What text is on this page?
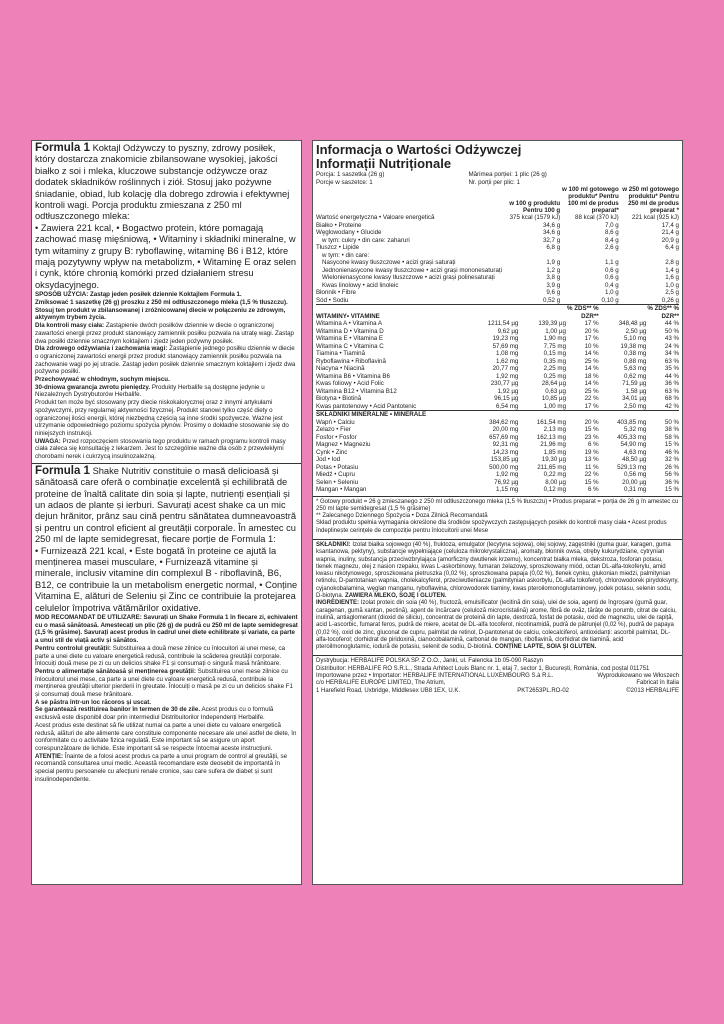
Formula 1 Koktajl Odżywczy to pyszny, zdrowy posiłek, który dostarcza znakomicie zbilansowane wysokiej, jakości białko z soi i mleka, kluczowe substancje odżywcze oraz dodatek składników roślinnych i ziół. Stosuj jako pożywne śniadanie, obiad, lub kolację dla dobrego zdrowia i efektywnej kontroli wagi. Porcja produktu zmieszana z 250 ml odtłuszczonego mleka:

• Zawiera 221 kcal, • Bogactwo protein, które pomagają zachować masę mięśniową, • Witaminy i składniki mineralne, w tym witaminy z grupy B: ryboflawinę, witaminę B6 i B12, które mają pozytywny wpływ na metabolizm, • Witaminę E oraz selen i cynk, które chronią komórki przed działaniem stresu oksydacyjnego.

SPOSÓB UŻYCIA: Zastąp jeden posiłek dziennie Koktajlem Formuła 1.

Zmiksować 1 saszetkę (26 g) proszku z 250 ml odtłuszczonego mleka (1,5 % tłuszczu). Stosuj ten produkt w zbilansowanej i zróżnicowanej diecie w połączeniu ze zdrowym, aktywnym trybem życia.

Dla kontroli masy ciała: Zastąpienie dwóch posiłków dziennie w diecie o ograniczonej zawartości energii przez produkt stanowiący zamiennik posiłku pozwala na utratę wagi. Zastąp dwa posiłki dziennie smacznym koktajlem i zjedz jeden pożywny posiłek.

Dla zdrowego odżywiania i zachowania wagi: Zastąpienie jednego posiłku dziennie w diecie o ograniczonej zawartości energii przez produkt stanowiący zamiennik posiłku pozwala na zachowanie wagi po jej utracie. Zastąp jeden posiłek dziennie smacznym koktajlem i zjedz dwa pożywne posiłki.

Przechowywać w chłodnym, suchym miejscu.

30-dniowa gwarancja zwrotu pieniędzy. Produkty Herbalife są dostępne jedynie u Niezależnych Dystrybutorów Herbalife.

Produkt ten może być stosowany przy diecie niskokalorycznej oraz z innymi artykułami spożywczymi, przy regularnej aktywności fizycznej. Produkt stanowi tylko część diety o ograniczonej ilości energii, której niezbędną częścią są inne środki spożywcze. Ważne jest utrzymanie odpowiedniego poziomu spożycia płynów. Prosimy o dokładne stosowanie się do niniejszych instrukcji.

UWAGA: Przed rozpoczęciem stosowania tego produktu w ramach programu kontroli masy ciała zaleca się konsultację z lekarzem. Jest to szczególnie ważne dla osób z przewlekłymi chorobami nerek i cukrzycą insulinozależną.

Formula 1 Shake Nutritiv constituie o masă delicioasă și sănătoasă care oferă o combinație excelentă și echilibrată de proteine de înaltă calitate din soia și lapte, nutrienți esențiali și un adaos de plante și ierburi. Savurați acest shake ca un mic dejun hrănitor, prânz sau cină pentru sănătatea dumneavoastră și pentru un control eficient al greutății corporale. În amestec cu 250 ml de lapte semidegresat, fiecare porție de Formula 1:

• Furnizează 221 kcal, • Este bogată în proteine ce ajută la menținerea masei musculare, • Furnizează vitamine și minerale, inclusiv vitamine din complexul B - riboflavină, B6, B12, ce contribuie la un metabolism energetic normal, • Conține Vitamina E, alături de Seleniu și Zinc ce contribuie la protejarea celulelor împotriva vătămărilor oxidative.

MOD RECOMANDAT DE UTILIZARE: Savurați un Shake Formula 1 în fiecare zi, echivalent cu o masă sănătoasă. Amestecați un plic (26 g) de pudră cu 250 ml de lapte semidegresat (1,5 % grăsime). Savurați acest produs în cadrul unei diete echilibrate și variate, ca parte a unui stil de viață activ și sănătos.

Pentru controlul greutății: Substituirea a două mese zilnice cu înlocuitori ai unei mese, ca parte a unei diete cu valoare energetică redusă, contribuie la scăderea greutății corporale. Înlocuiți două mese pe zi cu un delicios shake F1 și consumați o singură masă hrănitoare.

Pentru o alimentație sănătoasă și menținerea greutății: Substituirea unei mese zilnice cu înlocuitorul unei mese, ca parte a unei diete cu valoare energetică redusă, contribuie la menținerea greutății ulterior pierderii în greutate. Înlocuiți o masă pe zi cu un delicios shake F1 și consumați două mese hrănitoare.

A se păstra într-un loc răcoros și uscat.

Se garantează restituirea banilor în termen de 30 de zile. Acest produs cu o formulă exclusivă este disponibil doar prin intermediul Distribuitorilor Independenți Herbalife.

Acest produs este destinat să fie utilizat numai ca parte a unei diete cu valoare energetică redusă, alături de alte alimente care constituie componente necesare ale unei astfel de diete, în conformitate cu o activitate fizica regulată. Este important să se asigure un aport corespunzătoare de lichide. Este important să se respecte întocmai aceste instrucțiuni.

ATENȚIE: Înainte de a folosi acest produs ca parte a unui program de control al greutății, se recomandă consultarea unui medic. Această recomandare este deosebit de importantă în special pentru persoanele cu afecțiuni renale cronice, sau care sufera de diabet și sunt insulinodependente.

Informacja o Wartości Odżywczej

Informații Nutriționale

Porcja: 1 saszetka (26 g)	Mărimea porției: 1 plic (26 g)
Porcje w saszetce: 1	Nr. porții per plic: 1
	w 100 g produktu Pentru 100 g	w 100 ml gotowego produktu* Pentru 100 ml de produs preparat*	w 250 ml gotowego produktu* Pentru 250 ml de produs preparat *
Wartość energetyczna • Valoare energetică	375 kcal (1579 kJ)	88 kcal (370 kJ)	221 kcal (925 kJ)
Białko • Proteine	34,6 g	7,0 g	17,4 g
Węglowodany • Glucide	34,6 g	8,6 g	21,4 g
w tym: cukry • din care: zaharuri	32,7 g	8,4 g	20,9 g
Tłuszcz • Lipide	6,8 g	2,6 g	6,4 g
w tym: • din care:			
Nasycone kwasy tłuszczowe • acizi grași saturați	1,9 g	1,1 g	2,8 g
Jednonienasycone kwasy tłuszczowe • acizi grași mononesaturați	1,2 g	0,6 g	1,4 g
Wielonienasycone kwasy tłuszczowe • acizi grași polinesaturați	3,8 g	0,6 g	1,6 g
Kwas linolowy • acid linoleic	3,9 g	0,4 g	1,0 g
Błonnik • Fibre	9,6 g	1,0 g	2,5 g
Sód • Sodiu	0,52 g	0,10 g	0,26 g
WITAMINY• VITAMINE			% ZDS** % DZR**		% ZDS** % DZR**
Witamina A • Vitamina A	1211,54 µg	139,39 µg	17 %	348,48 µg	44 %
Witamina D • Vitamina D	9,62 µg	1,00 µg	20 %	2,50 µg	50 %
Witamina E • Vitamina E	19,23 mg	1,90 mg	17 %	5,10 mg	43 %
Witamina C • Vitamina C	57,69 mg	7,75 mg	10 %	19,38 mg	24 %
Tiamina • Tiamină	1,08 mg	0,15 mg	14 %	0,38 mg	34 %
Ryboflawina • Riboflavină	1,62 mg	0,35 mg	25 %	0,88 mg	63 %
Niacyna • Niacină	20,77 mg	2,25 mg	14 %	5,63 mg	35 %
Witamina B6 • Vitamina B6	1,92 mg	0,25 mg	18 %	0,62 mg	44 %
Kwas foliowy • Acid Folic	230,77 µg	28,64 µg	14 %	71,59 µg	36 %
Witamina B12 • Vitamina B12	1,92 µg	0,63 µg	25 %	1,58 µg	63 %
Biotyna • Biotină	96,15 µg	10,85 µg	22 %	34,01 µg	68 %
Kwas pantotenowy • Acid Pantotenic	6,54 mg	1,00 mg	17 %	2,50 mg	42 %
SKŁADNIKI MINERALNE • MINERALE					
Wapń • Calciu	384,62 mg	161,54 mg	20 %	403,85 mg	50 %
Żelazo • Fier	20,00 mg	2,13 mg	15 %	5,32 mg	38 %
Fosfor • Fosfor	657,69 mg	162,13 mg	23 %	405,33 mg	58 %
Magnez • Magneziu	92,31 mg	21,96 mg	6 %	54,90 mg	15 %
Cynk • Zinc	14,23 mg	1,85 mg	19 %	4,63 mg	46 %
Jod • Iod	153,85 µg	19,30 µg	13 %	48,50 µg	32 %
Potas • Potasiu	500,00 mg	211,65 mg	11 %	529,13 mg	26 %
Miedź • Cupru	1,92 mg	0,22 mg	22 %	0,56 mg	56 %
Selen • Seleniu	76,92 µg	8,00 µg	15 %	20,00 µg	36 %
Mangan • Mangan	1,15 mg	0,12 mg	6 %	0,31 mg	15 %

* Gotowy produkt = 26 g zmieszanego z 250 ml odtłuszczonego mleka (1,5 % tłuszczu) • Produs preparat = porția de 26 g în amestec cu 250 ml lapte semidegresat (1,5 % grăsime)

** Zalecanego Dziennego Spożycia • Doza Zilnică Recomandată

Skład produktu spełnia wymagania określone dla środków spożywczych zastępujących posiłek do kontroli masy ciała • Acest produs îndeplinește cerințele de compoziție pentru înlocuitorii unei Mese

SKŁADNIKI: Izolat białka sojowego (40 %), fruktoza, emulgator (lecytyna sojowa), olej sojowy, zagęstniki (guma guar, karagen, guma ksantanowa, pektyny), substancje wypełniające (celuloza mikrokrystaliczna), aromaty, błonnik owsa, otręby kukurydziane, cytrynian wapnia, inuliny, substancja przeciwzbrylająca (amorficzny dwutlenek krzemu), koncentrat białka mleka, dekstroza, fosforan potasu, tlenek magnezu, olej z nasion rzepaku, kwas L-askorbinowy, fumaran żelazowy, sproszkowany miód, octan DL-alfa-tokoferylu, amid kwasu nikotynowego, sproszkowana pietruszka (0,02 %), sproszkowana papaja (0,02 %), tlenek cynku, glukonian miedzi, palmitynian retinolu, D-pantotanian wapnia, cholekalcyferol, przeciwutleniacze (palmitynian askorbylu, DL-alfa tokoferol), chlorowodorek pirydoksyny, cyjanokobalamina, węglan manganu, ryboflawina, chlorowodorek tiaminy, kwas pteroilomonoglutaminowy, jodek potasu, selenin sodu, D-biotyna. ZAWIERA MLEKO, SOJĘ I GLUTEN.

INGREDIENTE: Izolat proteic din soia (40 %), fructoză, emulsificator (lecitină din soia), ulei de soia, agenți de îngroșare (gumă guar, caragenan, gumă xantan, pectină), agent de încărcare (celuloză microcristalină) arome, fibră de ovăz, tărâțe de porumb, citrat de calciu, inulină, antiaglomerant (dioxid de siliciu), concentrat de proteină din lapte, dextroză, fosfat de potasiu, oxid de magneziu, ulei de rapiță, acid L-ascorbic, fumarat feros, pudră de miere, acetat de DL-alfa tocoferol, nicotinamidă, pudră de pătrunjel (0,02 %), pudră de papaya (0,02 %), oxid de zinc, gluconat de cupru, palmitat de retinol, D-pantotenat de calciu, colecalciferol, antioxidanți: ascorbil palmitat, DL-alfa-tocoferol; clorhidrat de piridoxină, cianocobalamină, carbonat de mangan, riboflavină, clorhidrat de tiamină, acid pteroilmonoglutamic, iodură de potasiu, selenit de sodiu, D-biotină. CONȚINE LAPTE, SOIA ȘI GLUTEN.

Dystrybucja: HERBALIFE POLSKA SP. Z O.O., Janki, ul. Falencka 1b 05-090 Raszyn

Distribuitor: HERBALIFE RO S.R.L., Strada Arhitect Louis Blanc nr. 1, etaj 7, sector 1, București, România, cod poștal 011751

Importowane przez • Importator: HERBALIFE INTERNATIONAL LUXEMBOURG S.à R.L.	Wyprodukowano we Włoszech

c/o HERBALIFE EUROPE LIMITED, The Atrium,	Fabricat în Italia

1 Harefield Road, Uxbridge, Middlesex UB8 1EX, U.K.	PKT2653PL.RO-02	©2013 HERBALIFE
